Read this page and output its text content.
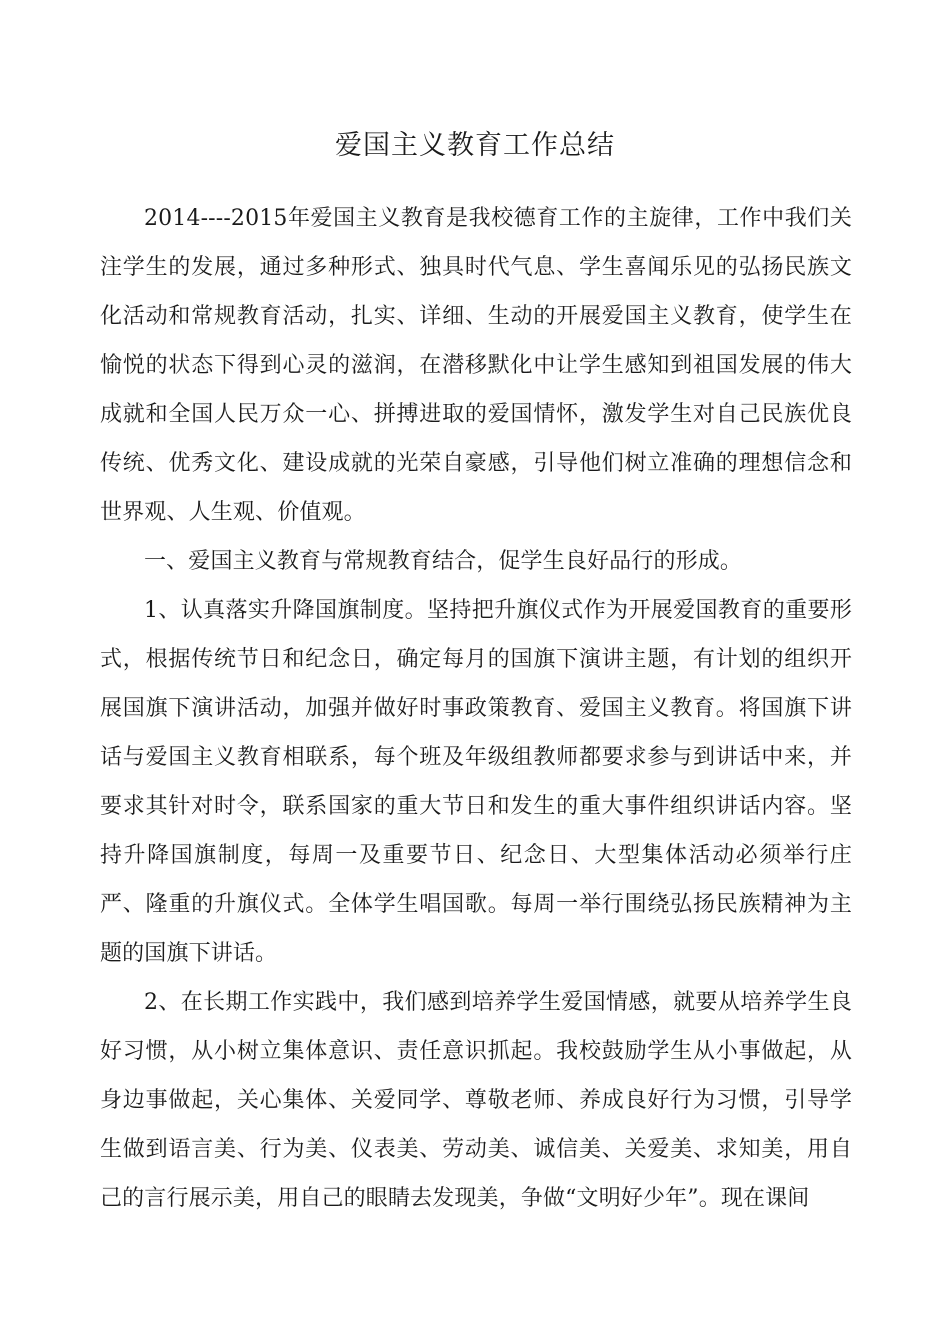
爱国主义教育工作总结

2014----2015年爱国主义教育是我校德育工作的主旋律，工作中我们关注学生的发展，通过多种形式、独具时代气息、学生喜闻乐见的弘扬民族文化活动和常规教育活动，扎实、详细、生动的开展爱国主义教育，使学生在愉悦的状态下得到心灵的滋润，在潜移默化中让学生感知到祖国发展的伟大成就和全国人民万众一心、拼搏进取的爱国情怀，激发学生对自己民族优良传统、优秀文化、建设成就的光荣自豪感，引导他们树立准确的理想信念和世界观、人生观、价值观。

一、爱国主义教育与常规教育结合，促学生良好品行的形成。

1、认真落实升降国旗制度。坚持把升旗仪式作为开展爱国教育的重要形式，根据传统节日和纪念日，确定每月的国旗下演讲主题，有计划的组织开展国旗下演讲活动，加强并做好时事政策教育、爱国主义教育。将国旗下讲话与爱国主义教育相联系，每个班及年级组教师都要求参与到讲话中来，并要求其针对时令，联系国家的重大节日和发生的重大事件组织讲话内容。坚持升降国旗制度，每周一及重要节日、纪念日、大型集体活动必须举行庄严、隆重的升旗仪式。全体学生唱国歌。每周一举行围绕弘扬民族精神为主题的国旗下讲话。

2、在长期工作实践中，我们感到培养学生爱国情感，就要从培养学生良好习惯，从小树立集体意识、责任意识抓起。我校鼓励学生从小事做起，从身边事做起，关心集体、关爱同学、尊敬老师、养成良好行为习惯，引导学生做到语言美、行为美、仪表美、劳动美、诚信美、关爱美、求知美，用自己的言行展示美，用自己的眼睛去发现美，争做“文明好少年”。现在课间
